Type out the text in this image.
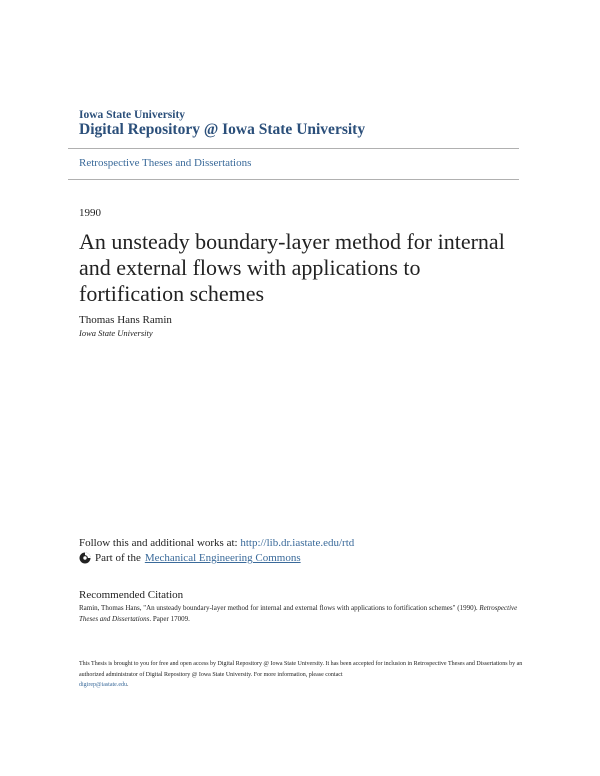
Iowa State University
Digital Repository @ Iowa State University
Retrospective Theses and Dissertations
1990
An unsteady boundary-layer method for internal and external flows with applications to fortification schemes
Thomas Hans Ramin
Iowa State University
Follow this and additional works at: http://lib.dr.iastate.edu/rtd
Part of the Mechanical Engineering Commons
Recommended Citation
Ramin, Thomas Hans, "An unsteady boundary-layer method for internal and external flows with applications to fortification schemes" (1990). Retrospective Theses and Dissertations. Paper 17009.
This Thesis is brought to you for free and open access by Digital Repository @ Iowa State University. It has been accepted for inclusion in Retrospective Theses and Dissertations by an authorized administrator of Digital Repository @ Iowa State University. For more information, please contact
digirep@iastate.edu.
